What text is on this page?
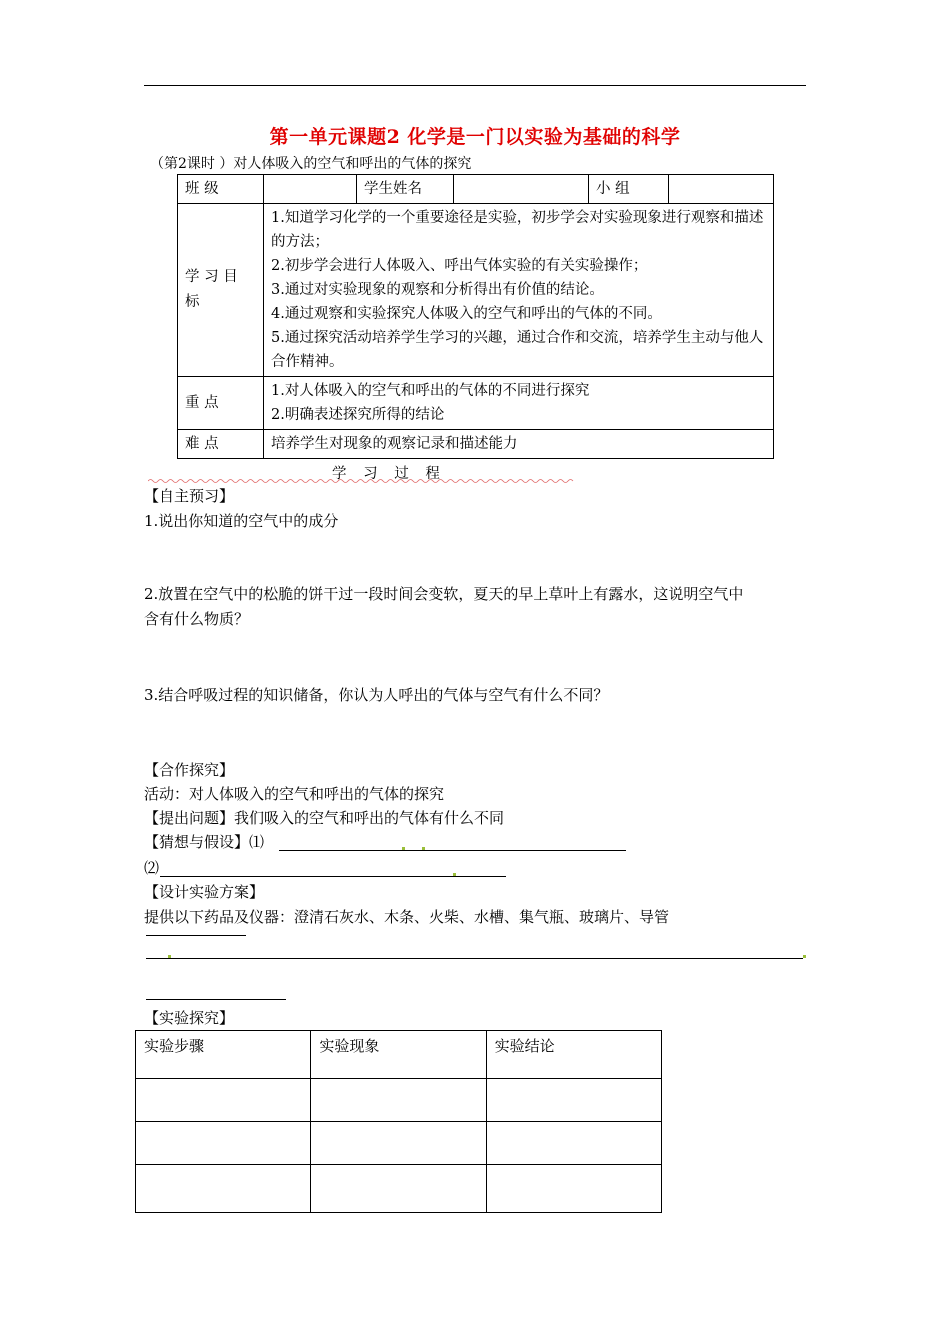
第一单元课题2 化学是一门以实验为基础的科学
（第2课时 ）对人体吸入的空气和呼出的气体的探究
班 级		学生姓名		小 组	
学 习 目 标	1.知道学习化学的一个重要途径是实验，初步学会对实验现象进行观察和描述的方法；
2.初步学会进行人体吸入、呼出气体实验的有关实验操作；
3.通过对实验现象的观察和分析得出有价值的结论。
4.通过观察和实验探究人体吸入的空气和呼出的气体的不同。
5.通过探究活动培养学生学习的兴趣，通过合作和交流，培养学生主动与他人合作精神。				

重 点	1.对人体吸入的空气和呼出的气体的不同进行探究
2.明确表述探究所得的结论				

难 点	培养学生对现象的观察记录和描述能力				
学 习 过 程
【自主预习】
1.说出你知道的空气中的成分
2.放置在空气中的松脆的饼干过一段时间会变软，夏天的早上草叶上有露水，这说明空气中
含有什么物质？
3.结合呼吸过程的知识储备，你认为人呼出的气体与空气有什么不同？
【合作探究】
活动：对人体吸入的空气和呼出的气体的探究
【提出问题】我们吸入的空气和呼出的气体有什么不同
【猜想与假设】⑴
⑵
【设计实验方案】
提供以下药品及仪器：澄清石灰水、木条、火柴、水槽、集气瓶、玻璃片、导管
【实验探究】
实验步骤	实验现象	实验结论
